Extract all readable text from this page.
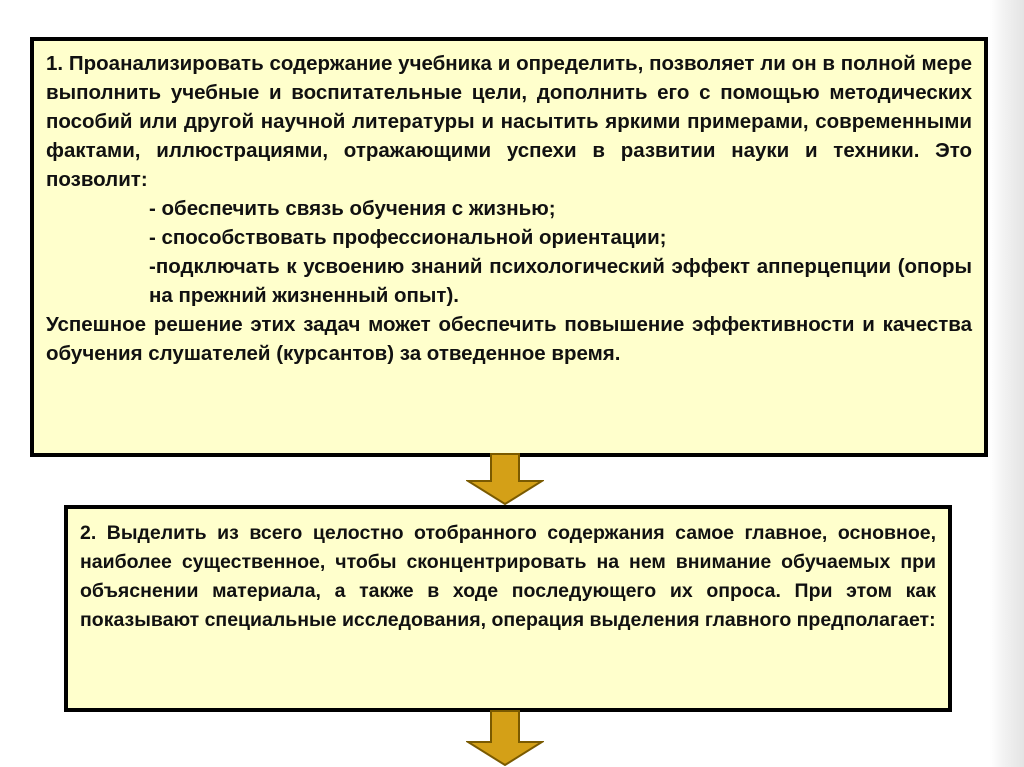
1. Проанализировать содержание учебника и определить, позволяет ли он в полной мере выполнить учебные и воспитательные цели, дополнить его с помощью методических пособий или другой научной литературы и насытить яркими примерами, современными фактами, иллюстрациями, отражающими успехи в развитии науки и техники. Это позволит:

- обеспечить связь обучения с жизнью;

- способствовать профессиональной ориентации;

-подключать к усвоению знаний психологический эффект апперцепции (опоры на прежний жизненный опыт).

Успешное решение этих задач может обеспечить повышение эффективности и качества обучения слушателей (курсантов) за отведенное время.

2. Выделить из всего целостно отобранного содержания самое главное, основное, наиболее существенное, чтобы сконцентрировать на нем внимание обучаемых при объяснении материала, а также в ходе последующего их опроса. При этом как показывают специальные исследования, операция выделения главного предполагает:
